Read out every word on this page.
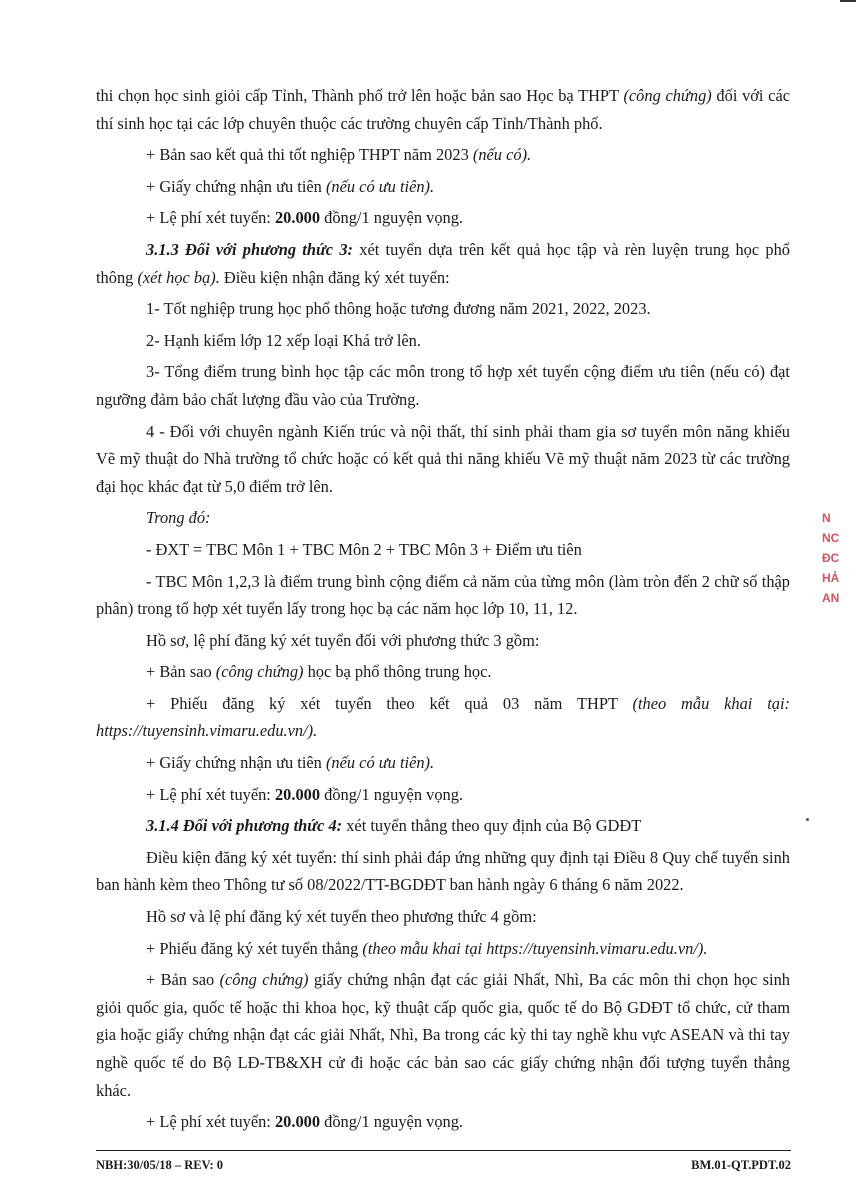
thi chọn học sinh giỏi cấp Tỉnh, Thành phố trở lên hoặc bản sao Học bạ THPT (công chứng) đối với các thí sinh học tại các lớp chuyên thuộc các trường chuyên cấp Tỉnh/Thành phố.

+ Bản sao kết quả thi tốt nghiệp THPT năm 2023 (nếu có).

+ Giấy chứng nhận ưu tiên (nếu có ưu tiên).

+ Lệ phí xét tuyển: 20.000 đồng/1 nguyện vọng.

3.1.3 Đối với phương thức 3: xét tuyển dựa trên kết quả học tập và rèn luyện trung học phổ thông (xét học bạ). Điều kiện nhận đăng ký xét tuyển:

1- Tốt nghiệp trung học phổ thông hoặc tương đương năm 2021, 2022, 2023.

2- Hạnh kiểm lớp 12 xếp loại Khá trở lên.

3- Tổng điểm trung bình học tập các môn trong tổ hợp xét tuyển cộng điểm ưu tiên (nếu có) đạt ngưỡng đảm bảo chất lượng đầu vào của Trường.

4 - Đối với chuyên ngành Kiến trúc và nội thất, thí sinh phải tham gia sơ tuyển môn năng khiếu Vẽ mỹ thuật do Nhà trường tổ chức hoặc có kết quả thi năng khiếu Vẽ mỹ thuật năm 2023 từ các trường đại học khác đạt từ 5,0 điểm trở lên.

Trong đó:

- ĐXT = TBC Môn 1 + TBC Môn 2 + TBC Môn 3 + Điểm ưu tiên

- TBC Môn 1,2,3 là điểm trung bình cộng điểm cả năm của từng môn (làm tròn đến 2 chữ số thập phân) trong tổ hợp xét tuyển lấy trong học bạ các năm học lớp 10, 11, 12.

Hồ sơ, lệ phí đăng ký xét tuyển đối với phương thức 3 gồm:

+ Bản sao (công chứng) học bạ phổ thông trung học.

+ Phiếu đăng ký xét tuyển theo kết quả 03 năm THPT (theo mẫu khai tại: https://tuyensinh.vimaru.edu.vn/).

+ Giấy chứng nhận ưu tiên (nếu có ưu tiên).

+ Lệ phí xét tuyển: 20.000 đồng/1 nguyện vọng.

3.1.4 Đối với phương thức 4: xét tuyển thẳng theo quy định của Bộ GDĐT

Điều kiện đăng ký xét tuyển: thí sinh phải đáp ứng những quy định tại Điều 8 Quy chế tuyển sinh ban hành kèm theo Thông tư số 08/2022/TT-BGDĐT ban hành ngày 6 tháng 6 năm 2022.

Hồ sơ và lệ phí đăng ký xét tuyển theo phương thức 4 gồm:

+ Phiếu đăng ký xét tuyển thẳng (theo mẫu khai tại https://tuyensinh.vimaru.edu.vn/).

+ Bản sao (công chứng) giấy chứng nhận đạt các giải Nhất, Nhì, Ba các môn thi chọn học sinh giỏi quốc gia, quốc tế hoặc thi khoa học, kỹ thuật cấp quốc gia, quốc tế do Bộ GDĐT tổ chức, cử tham gia hoặc giấy chứng nhận đạt các giải Nhất, Nhì, Ba trong các kỳ thi tay nghề khu vực ASEAN và thi tay nghề quốc tế do Bộ LĐ-TB&XH cử đi hoặc các bản sao các giấy chứng nhận đối tượng tuyển thẳng khác.

+ Lệ phí xét tuyển: 20.000 đồng/1 nguyện vọng.

N
NC
ĐC
HẢ
AN
NBH:30/05/18 – REV: 0	BM.01-QT.PDT.02
